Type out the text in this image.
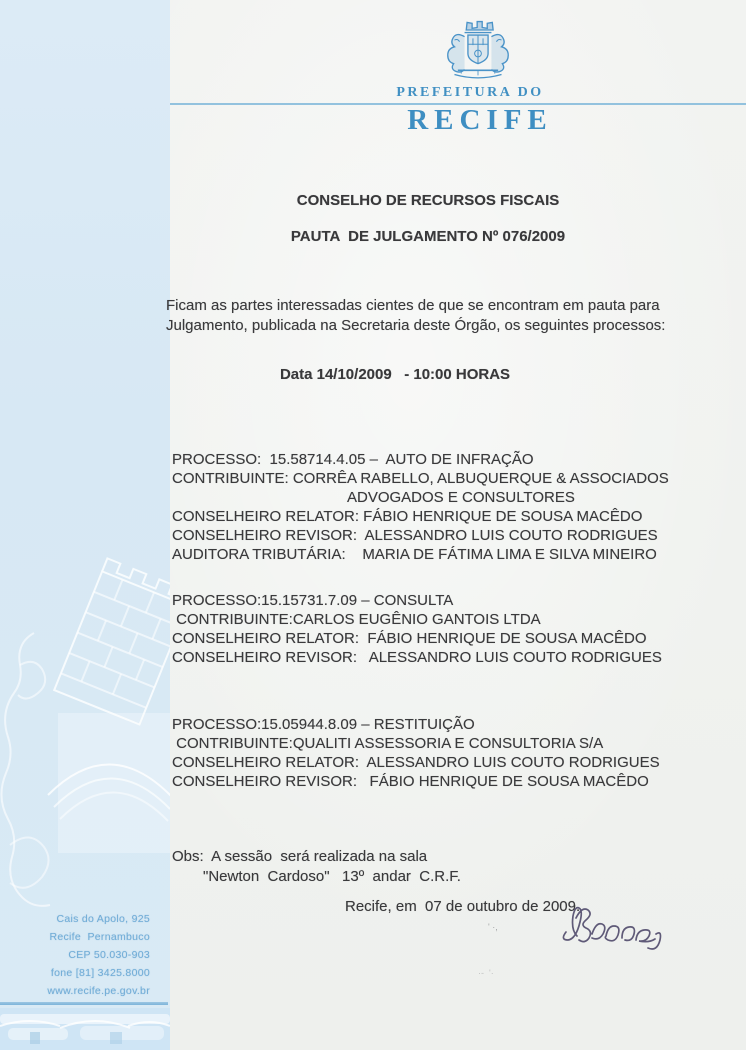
Cais do Apolo, 925
Recife  Pernambuco
CEP 50.030-903
fone [81] 3425.8000
www.recife.pe.gov.br
PREFEITURA DO
RECIFE
CONSELHO DE RECURSOS FISCAIS
PAUTA  DE JULGAMENTO Nº 076/2009
Ficam as partes interessadas cientes de que se encontram em pauta para
Julgamento, publicada na Secretaria deste Órgão, os seguintes processos:
Data 14/10/2009   - 10:00 HORAS
PROCESSO:  15.58714.4.05 –  AUTO DE INFRAÇÃO
CONTRIBUINTE: CORRÊA RABELLO, ALBUQUERQUE & ASSOCIADOS
ADVOGADOS E CONSULTORES
CONSELHEIRO RELATOR: FÁBIO HENRIQUE DE SOUSA MACÊDO
CONSELHEIRO REVISOR:  ALESSANDRO LUIS COUTO RODRIGUES
AUDITORA TRIBUTÁRIA:    MARIA DE FÁTIMA LIMA E SILVA MINEIRO
PROCESSO:15.15731.7.09 – CONSULTA
CONTRIBUINTE:CARLOS EUGÊNIO GANTOIS LTDA
CONSELHEIRO RELATOR:  FÁBIO HENRIQUE DE SOUSA MACÊDO
CONSELHEIRO REVISOR:   ALESSANDRO LUIS COUTO RODRIGUES
PROCESSO:15.05944.8.09 – RESTITUIÇÃO
CONTRIBUINTE:QUALITI ASSESSORIA E CONSULTORIA S/A
CONSELHEIRO RELATOR:  ALESSANDRO LUIS COUTO RODRIGUES
CONSELHEIRO REVISOR:   FÁBIO HENRIQUE DE SOUSA MACÊDO
Obs:  A sessão  será realizada na sala
"Newton  Cardoso"   13º  andar  C.R.F.
Recife, em  07 de outubro de 2009.
' ·,
·-  '·
